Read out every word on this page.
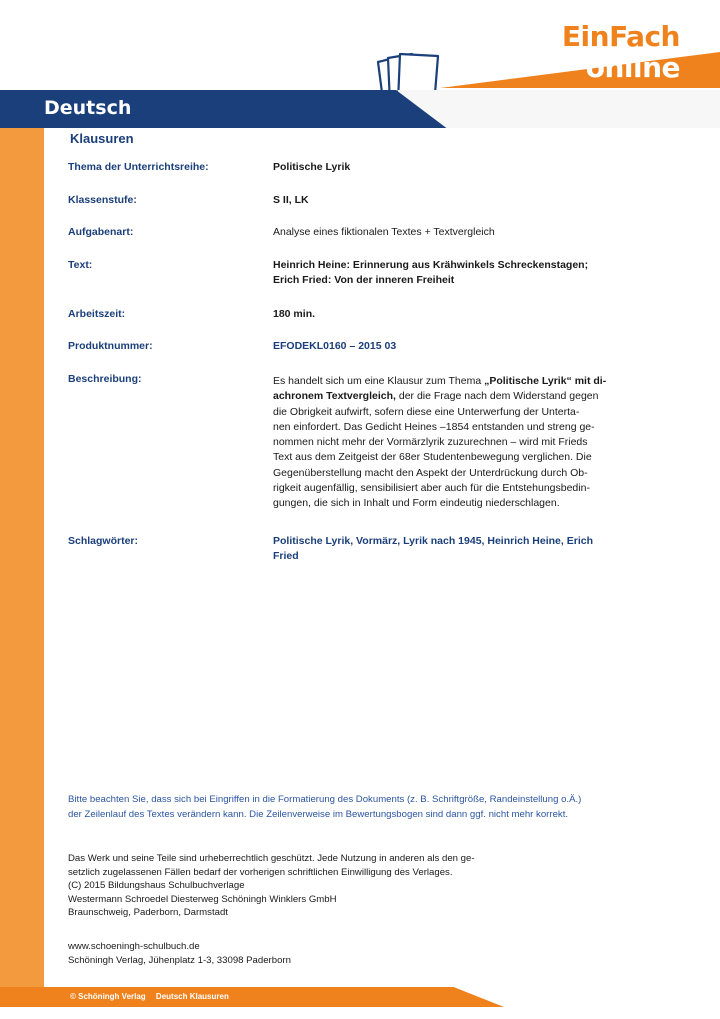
EinFach
online
Deutsch
Klausuren
Thema der Unterrichtsreihe:	Politische Lyrik
Klassenstufe:	S II, LK
Aufgabenart:	Analyse eines fiktionalen Textes + Textvergleich
Text:	Heinrich Heine: Erinnerung aus Krähwinkels Schreckenstagen;
Erich Fried: Von der inneren Freiheit
Arbeitszeit:	180 min.
Produktnummer:	EFODEKL0160 – 2015 03
Beschreibung:	Es handelt sich um eine Klausur zum Thema „Politische Lyrik“ mit di-
achronem Textvergleich, der die Frage nach dem Widerstand gegen
die Obrigkeit aufwirft, sofern diese eine Unterwerfung der Unterta-
nen einfordert. Das Gedicht Heines –1854 entstanden und streng ge-
nommen nicht mehr der Vormärzlyrik zuzurechnen – wird mit Frieds
Text aus dem Zeitgeist der 68er Studentenbewegung verglichen. Die
Gegenüberstellung macht den Aspekt der Unterdrückung durch Ob-
rigkeit augenfällig, sensibilisiert aber auch für die Entstehungsbedin-
gungen, die sich in Inhalt und Form eindeutig niederschlagen.
Schlagwörter:	Politische Lyrik, Vormärz, Lyrik nach 1945, Heinrich Heine, Erich
Fried
Bitte beachten Sie, dass sich bei Eingriffen in die Formatierung des Dokuments (z. B. Schriftgröße, Randeinstellung o.Ä.)
der Zeilenlauf des Textes verändern kann. Die Zeilenverweise im Bewertungsbogen sind dann ggf. nicht mehr korrekt.
Das Werk und seine Teile sind urheberrechtlich geschützt. Jede Nutzung in anderen als den ge-
setzlich zugelassenen Fällen bedarf der vorherigen schriftlichen Einwilligung des Verlages.
(C) 2015 Bildungshaus Schulbuchverlage
Westermann Schroedel Diesterweg Schöningh Winklers GmbH
Braunschweig, Paderborn, Darmstadt
www.schoeningh-schulbuch.de
Schöningh Verlag, Jühenplatz 1-3, 33098 Paderborn
© Schöningh Verlag Deutsch Klausuren
